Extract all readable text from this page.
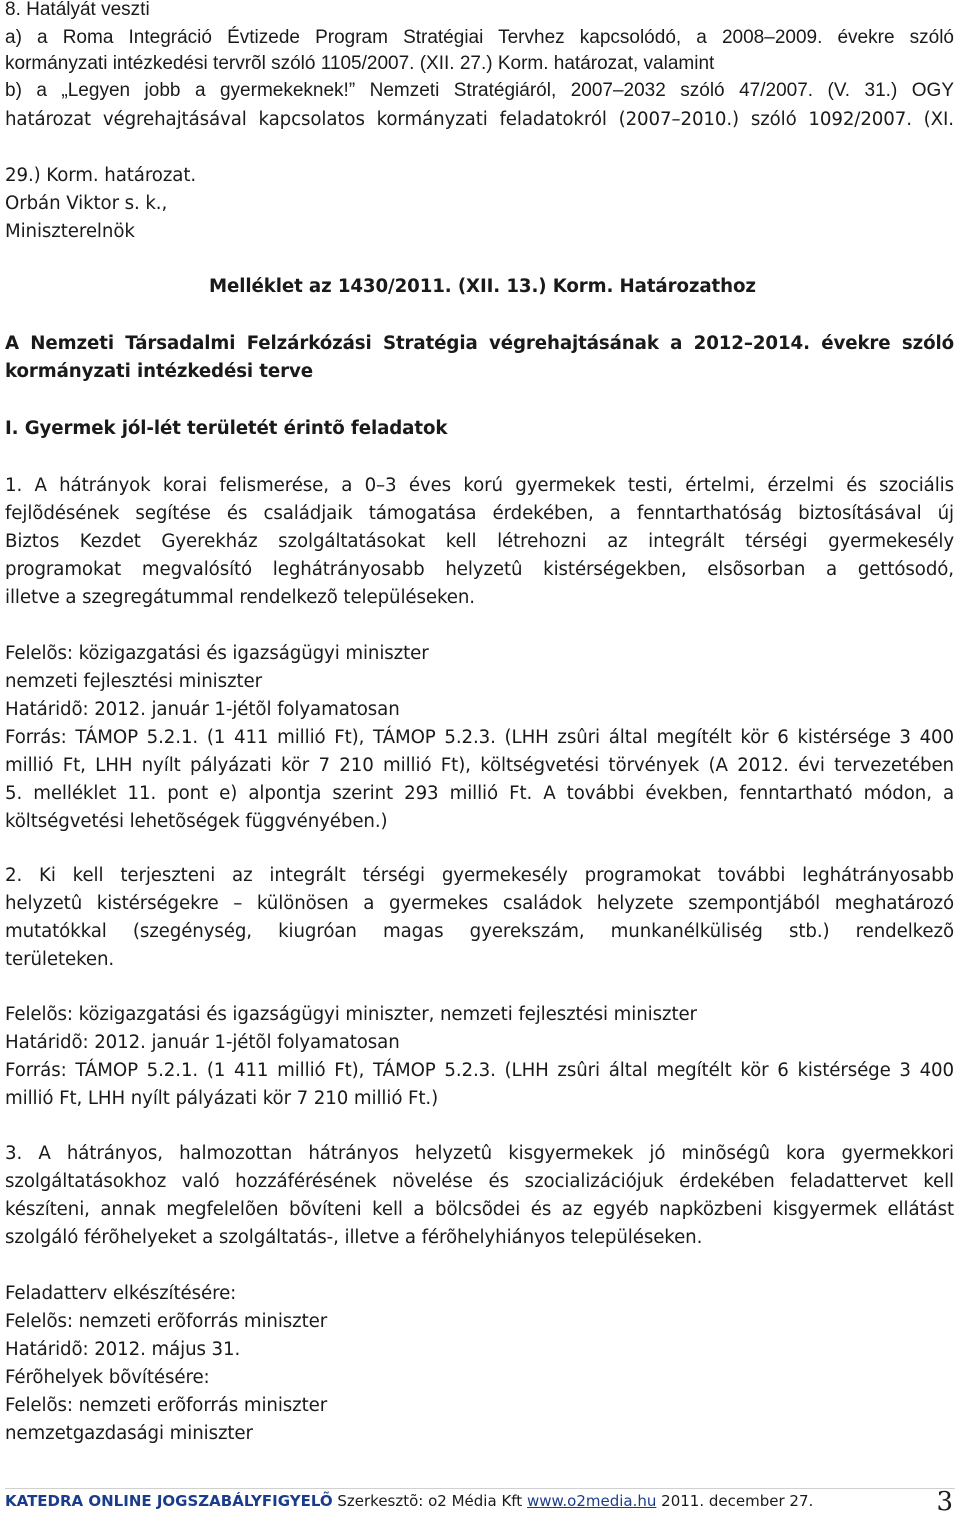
8. Hatályát veszti
a) a Roma Integráció Évtizede Program Stratégiai Tervhez kapcsolódó, a 2008–2009. évekre szóló
kormányzati intézkedési tervrõl szóló 1105/2007. (XII. 27.) Korm. határozat, valamint
b) a „Legyen jobb a gyermekeknek!” Nemzeti Stratégiáról, 2007–2032 szóló 47/2007. (V. 31.) OGY
határozat végrehajtásával kapcsolatos kormányzati feladatokról (2007–2010.) szóló 1092/2007. (XI.
29.) Korm. határozat.
Orbán Viktor s. k.,
Miniszterelnök
Melléklet az 1430/2011. (XII. 13.) Korm. Határozathoz
A Nemzeti Társadalmi Felzárkózási Stratégia végrehajtásának a 2012–2014. évekre szóló
kormányzati intézkedési terve
I. Gyermek jól-lét területét érintõ feladatok
1. A hátrányok korai felismerése, a 0–3 éves korú gyermekek testi, értelmi, érzelmi és szociális
fejlõdésének segítése és családjaik támogatása érdekében, a fenntarthatóság biztosításával új
Biztos Kezdet Gyerekház szolgáltatásokat kell létrehozni az integrált térségi gyermekesély
programokat megvalósító leghátrányosabb helyzetû kistérségekben, elsõsorban a gettósodó,
illetve a szegregátummal rendelkezõ településeken.
Felelõs: közigazgatási és igazságügyi miniszter
nemzeti fejlesztési miniszter
Határidõ: 2012. január 1-jétõl folyamatosan
Forrás: TÁMOP 5.2.1. (1 411 millió Ft), TÁMOP 5.2.3. (LHH zsûri által megítélt kör 6 kistérsége 3 400
millió Ft, LHH nyílt pályázati kör 7 210 millió Ft), költségvetési törvények (A 2012. évi tervezetében
5. melléklet 11. pont e) alpontja szerint 293 millió Ft. A további években, fenntartható módon, a
költségvetési lehetõségek függvényében.)
2. Ki kell terjeszteni az integrált térségi gyermekesély programokat további leghátrányosabb
helyzetû kistérségekre – különösen a gyermekes családok helyzete szempontjából meghatározó
mutatókkal (szegénység, kiugróan magas gyerekszám, munkanélküliség stb.) rendelkezõ
területeken.
Felelõs: közigazgatási és igazságügyi miniszter, nemzeti fejlesztési miniszter
Határidõ: 2012. január 1-jétõl folyamatosan
Forrás: TÁMOP 5.2.1. (1 411 millió Ft), TÁMOP 5.2.3. (LHH zsûri által megítélt kör 6 kistérsége 3 400
millió Ft, LHH nyílt pályázati kör 7 210 millió Ft.)
3. A hátrányos, halmozottan hátrányos helyzetû kisgyermekek jó minõségû kora gyermekkori
szolgáltatásokhoz való hozzáférésének növelése és szocializációjuk érdekében feladattervet kell
készíteni, annak megfelelõen bõvíteni kell a bölcsõdei és az egyéb napközbeni kisgyermek ellátást
szolgáló férõhelyeket a szolgáltatás-, illetve a férõhelyhiányos településeken.
Feladatterv elkészítésére:
Felelõs: nemzeti erõforrás miniszter
Határidõ: 2012. május 31.
Férõhelyek bõvítésére:
Felelõs: nemzeti erõforrás miniszter
nemzetgazdasági miniszter
KATEDRA ONLINE JOGSZABÁLYFIGYELÕ Szerkesztõ: o2 Média Kft www.o2media.hu 2011. december 27.	3
